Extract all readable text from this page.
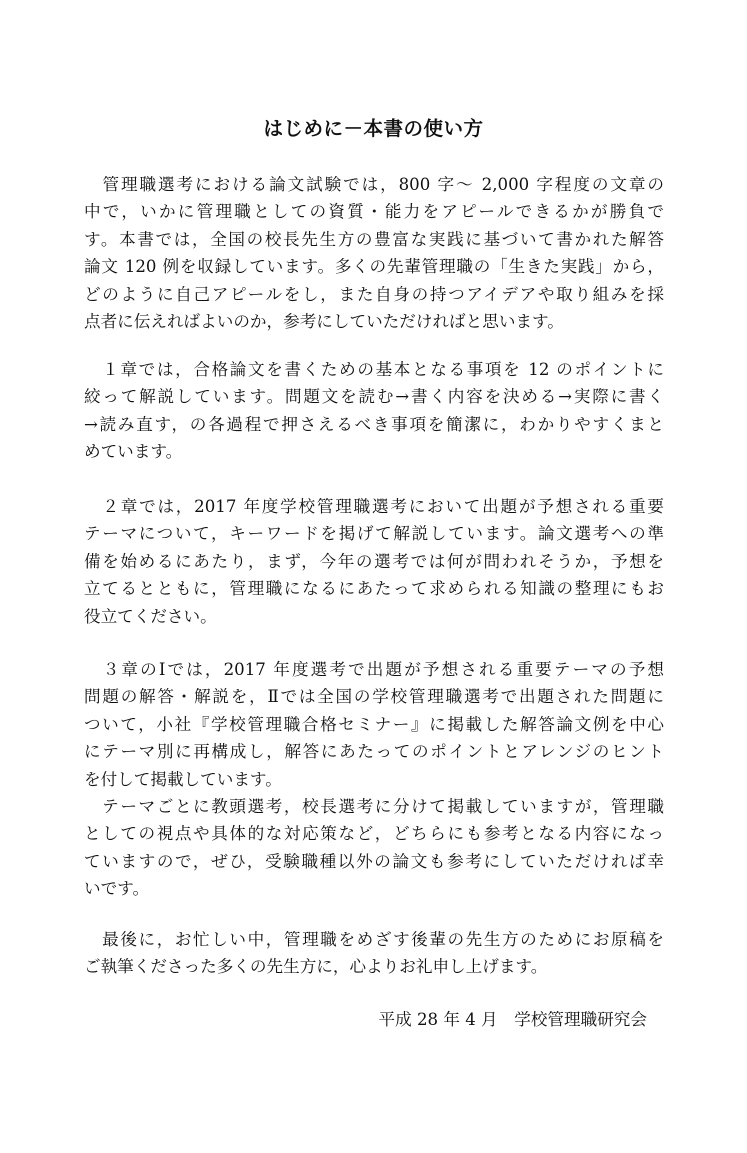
はじめに－本書の使い方
　管理職選考における論文試験では，800 字～ 2,000 字程度の文章の
中で，いかに管理職としての資質・能力をアピールできるかが勝負で
す。本書では，全国の校長先生方の豊富な実践に基づいて書かれた解答
論文 120 例を収録しています。多くの先輩管理職の「生きた実践」から，
どのように自己アピールをし，また自身の持つアイデアや取り組みを採
点者に伝えればよいのか，参考にしていただければと思います。
　１章では，合格論文を書くための基本となる事項を 12 のポイントに
絞って解説しています。問題文を読む→書く内容を決める→実際に書く
→読み直す，の各過程で押さえるべき事項を簡潔に，わかりやすくまと
めています。
　２章では，2017 年度学校管理職選考において出題が予想される重要
テーマについて，キーワードを掲げて解説しています。論文選考への準
備を始めるにあたり，まず，今年の選考では何が問われそうか，予想を
立てるとともに，管理職になるにあたって求められる知識の整理にもお
役立てください。
　３章のⅠでは，2017 年度選考で出題が予想される重要テーマの予想
問題の解答・解説を，Ⅱでは全国の学校管理職選考で出題された問題に
ついて，小社『学校管理職合格セミナー』に掲載した解答論文例を中心
にテーマ別に再構成し，解答にあたってのポイントとアレンジのヒント
を付して掲載しています。
　テーマごとに教頭選考，校長選考に分けて掲載していますが，管理職
としての視点や具体的な対応策など，どちらにも参考となる内容になっ
ていますので，ぜひ，受験職種以外の論文も参考にしていただければ幸
いです。
　最後に，お忙しい中，管理職をめざす後輩の先生方のためにお原稿を
ご執筆くださった多くの先生方に，心よりお礼申し上げます。
平成 28 年 4 月　学校管理職研究会
